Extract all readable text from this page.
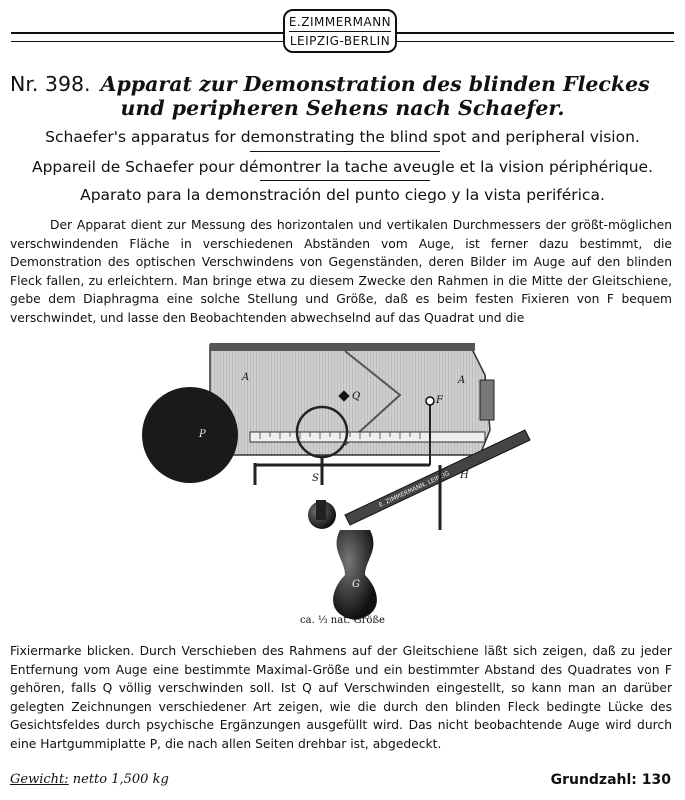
E.ZIMMERMANN
LEIPZIG-BERLIN
Nr. 398. Apparat zur Demonstration des blinden Fleckes
und peripheren Sehens nach Schaefer.
Schaefer's apparatus for demonstrating the blind spot and peripheral vision.
Appareil de Schaefer pour démontrer la tache aveugle et la vision périphérique.
Aparato para la demonstración del punto ciego y la vista periférica.
Der Apparat dient zur Messung des horizontalen und vertikalen Durchmessers der größt-möglichen verschwindenden Fläche in verschiedenen Abständen vom Auge, ist ferner dazu bestimmt, die Demonstration des optischen Verschwindens von Gegenständen, deren Bilder im Auge auf den blinden Fleck fallen, zu erleichtern. Man bringe etwa zu diesem Zwecke den Rahmen in die Mitte der Gleitschiene, gebe dem Diaphragma eine solche Stellung und Größe, daß es beim festen Fixieren von F bequem verschwindet, und lasse den Beobachtenden abwechselnd auf das Quadrat und die
E. ZIMMERMANN, LEIPZIG
A	A
Q	F
P
S	H
G
ca. ⅓ nat. Größe
Fixiermarke blicken. Durch Verschieben des Rahmens auf der Gleitschiene läßt sich zeigen, daß zu jeder Entfernung vom Auge eine bestimmte Maximal-Größe und ein bestimmter Abstand des Quadrates von F gehören, falls Q völlig verschwinden soll. Ist Q auf Verschwinden eingestellt, so kann man an darüber gelegten Zeichnungen verschiedener Art zeigen, wie die durch den blinden Fleck bedingte Lücke des Gesichtsfeldes durch psychische Ergänzungen ausgefüllt wird. Das nicht beobachtende Auge wird durch eine Hartgummiplatte P, die nach allen Seiten drehbar ist, abgedeckt.
Gewicht: netto 1,500 kg	Grundzahl: 130
